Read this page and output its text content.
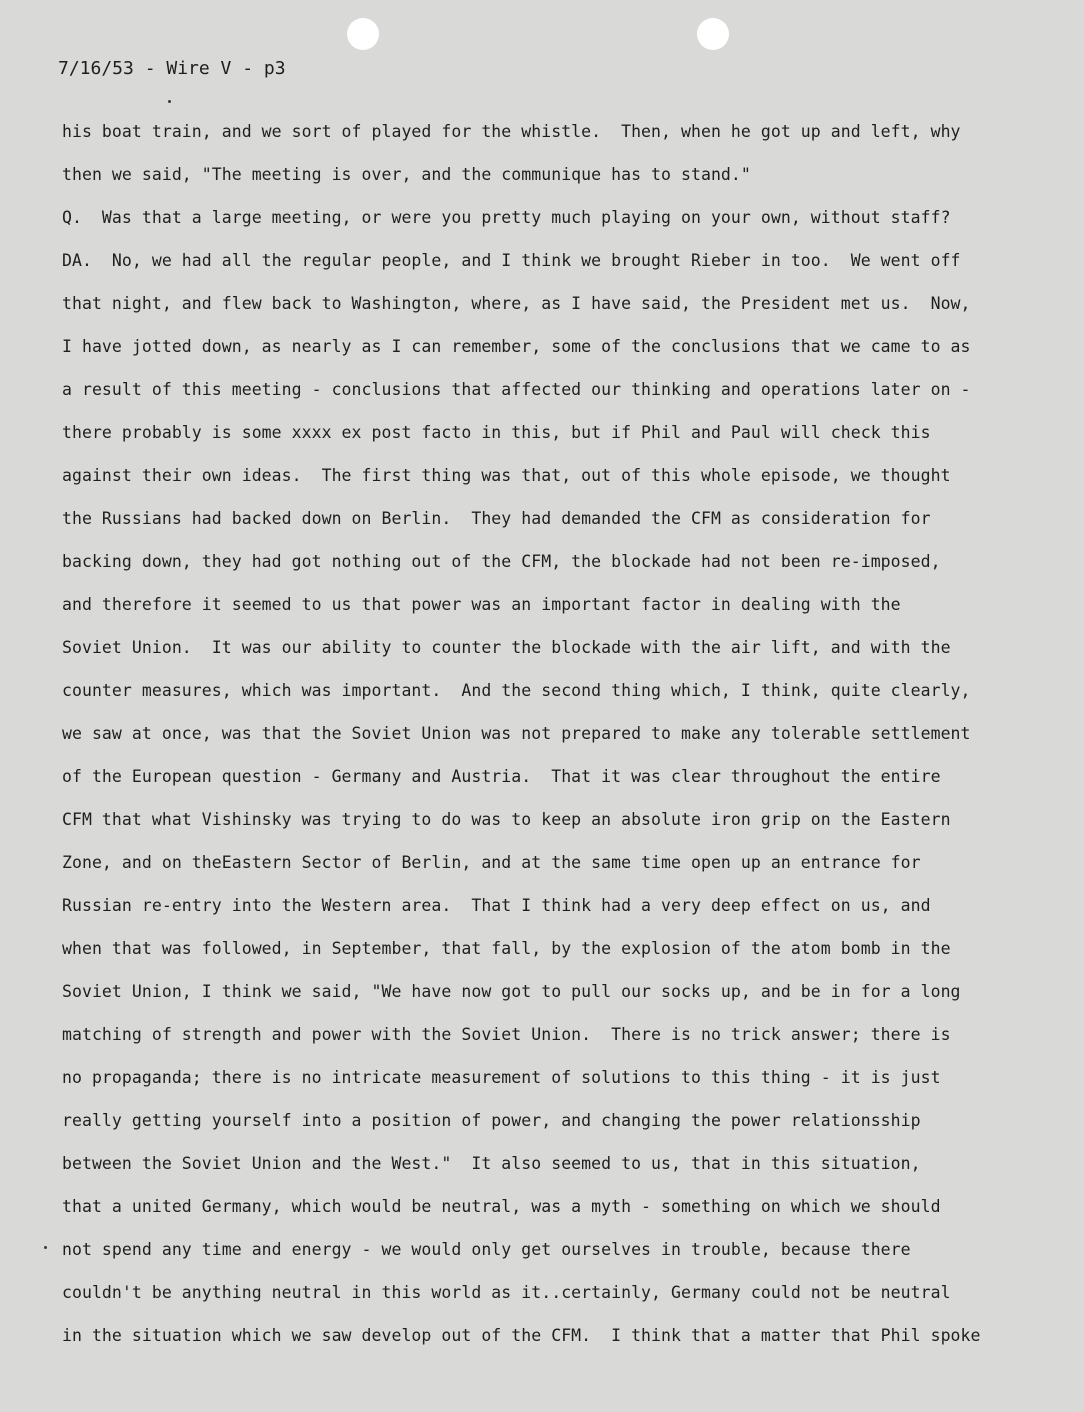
7/16/53 - Wire V - p3
his boat train, and we sort of played for the whistle.  Then, when he got up and left, why
then we said, "The meeting is over, and the communique has to stand."
Q.  Was that a large meeting, or were you pretty much playing on your own, without staff?
DA.  No, we had all the regular people, and I think we brought Rieber in too.  We went off
that night, and flew back to Washington, where, as I have said, the President met us.  Now,
I have jotted down, as nearly as I can remember, some of the conclusions that we came to as
a result of this meeting - conclusions that affected our thinking and operations later on -
there probably is some xxxx ex post facto in this, but if Phil and Paul will check this
against their own ideas.  The first thing was that, out of this whole episode, we thought
the Russians had backed down on Berlin.  They had demanded the CFM as consideration for
backing down, they had got nothing out of the CFM, the blockade had not been re-imposed,
and therefore it seemed to us that power was an important factor in dealing with the
Soviet Union.  It was our ability to counter the blockade with the air lift, and with the
counter measures, which was important.  And the second thing which, I think, quite clearly,
we saw at once, was that the Soviet Union was not prepared to make any tolerable settlement
of the European question - Germany and Austria.  That it was clear throughout the entire
CFM that what Vishinsky was trying to do was to keep an absolute iron grip on the Eastern
Zone, and on theEastern Sector of Berlin, and at the same time open up an entrance for
Russian re-entry into the Western area.  That I think had a very deep effect on us, and
when that was followed, in September, that fall, by the explosion of the atom bomb in the
Soviet Union, I think we said, "We have now got to pull our socks up, and be in for a long
matching of strength and power with the Soviet Union.  There is no trick answer; there is
no propaganda; there is no intricate measurement of solutions to this thing - it is just
really getting yourself into a position of power, and changing the power relationsship
between the Soviet Union and the West."  It also seemed to us, that in this situation,
that a united Germany, which would be neutral, was a myth - something on which we should
not spend any time and energy - we would only get ourselves in trouble, because there
couldn't be anything neutral in this world as it..certainly, Germany could not be neutral
in the situation which we saw develop out of the CFM.  I think that a matter that Phil spoke
